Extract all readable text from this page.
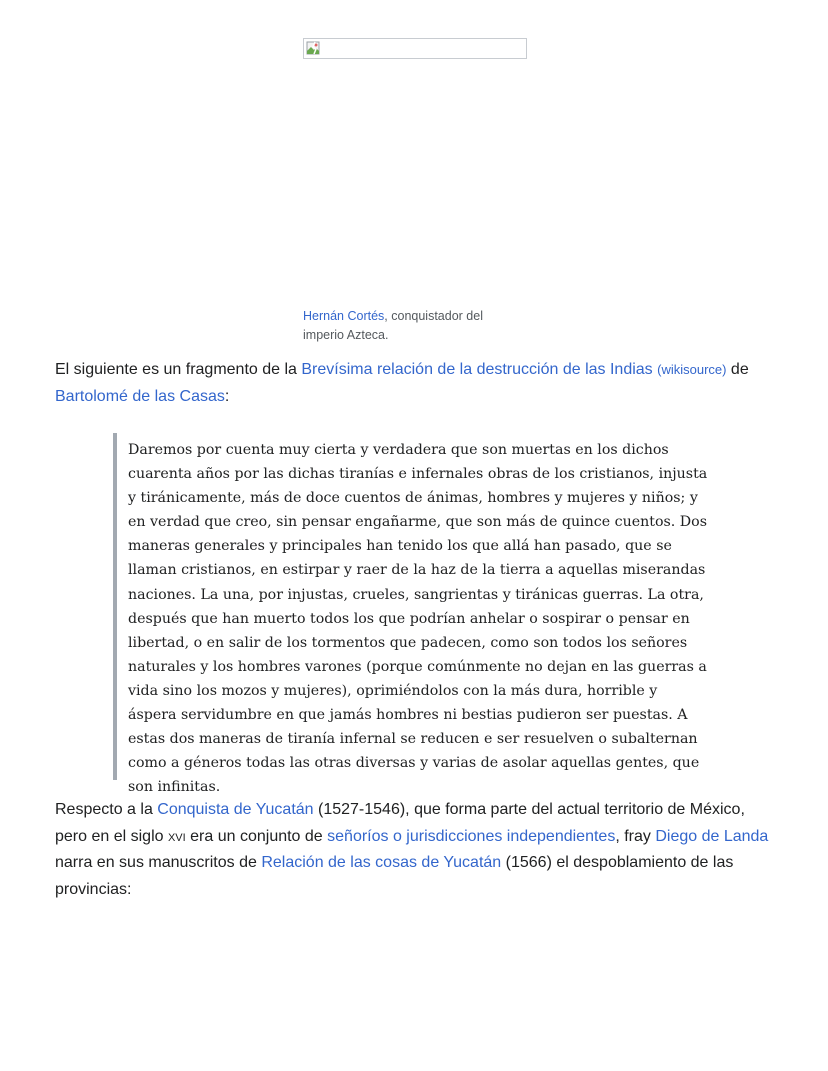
Hernán Cortés, conquistador del imperio Azteca.
El siguiente es un fragmento de la Brevísima relación de la destrucción de las Indias (wikisource) de Bartolomé de las Casas:
Daremos por cuenta muy cierta y verdadera que son muertas en los dichos cuarenta años por las dichas tiranías e infernales obras de los cristianos, injusta y tiránicamente, más de doce cuentos de ánimas, hombres y mujeres y niños; y en verdad que creo, sin pensar engañarme, que son más de quince cuentos. Dos maneras generales y principales han tenido los que allá han pasado, que se llaman cristianos, en estirpar y raer de la haz de la tierra a aquellas miserandas naciones. La una, por injustas, crueles, sangrientas y tiránicas guerras. La otra, después que han muerto todos los que podrían anhelar o sospirar o pensar en libertad, o en salir de los tormentos que padecen, como son todos los señores naturales y los hombres varones (porque comúnmente no dejan en las guerras a vida sino los mozos y mujeres), oprimiéndolos con la más dura, horrible y áspera servidumbre en que jamás hombres ni bestias pudieron ser puestas. A estas dos maneras de tiranía infernal se reducen e ser resuelven o subalternan como a géneros todas las otras diversas y varias de asolar aquellas gentes, que son infinitas.
Respecto a la Conquista de Yucatán (1527-1546), que forma parte del actual territorio de México, pero en el siglo xvi era un conjunto de señoríos o jurisdicciones independientes, fray Diego de Landa narra en sus manuscritos de Relación de las cosas de Yucatán (1566) el despoblamiento de las provincias:
